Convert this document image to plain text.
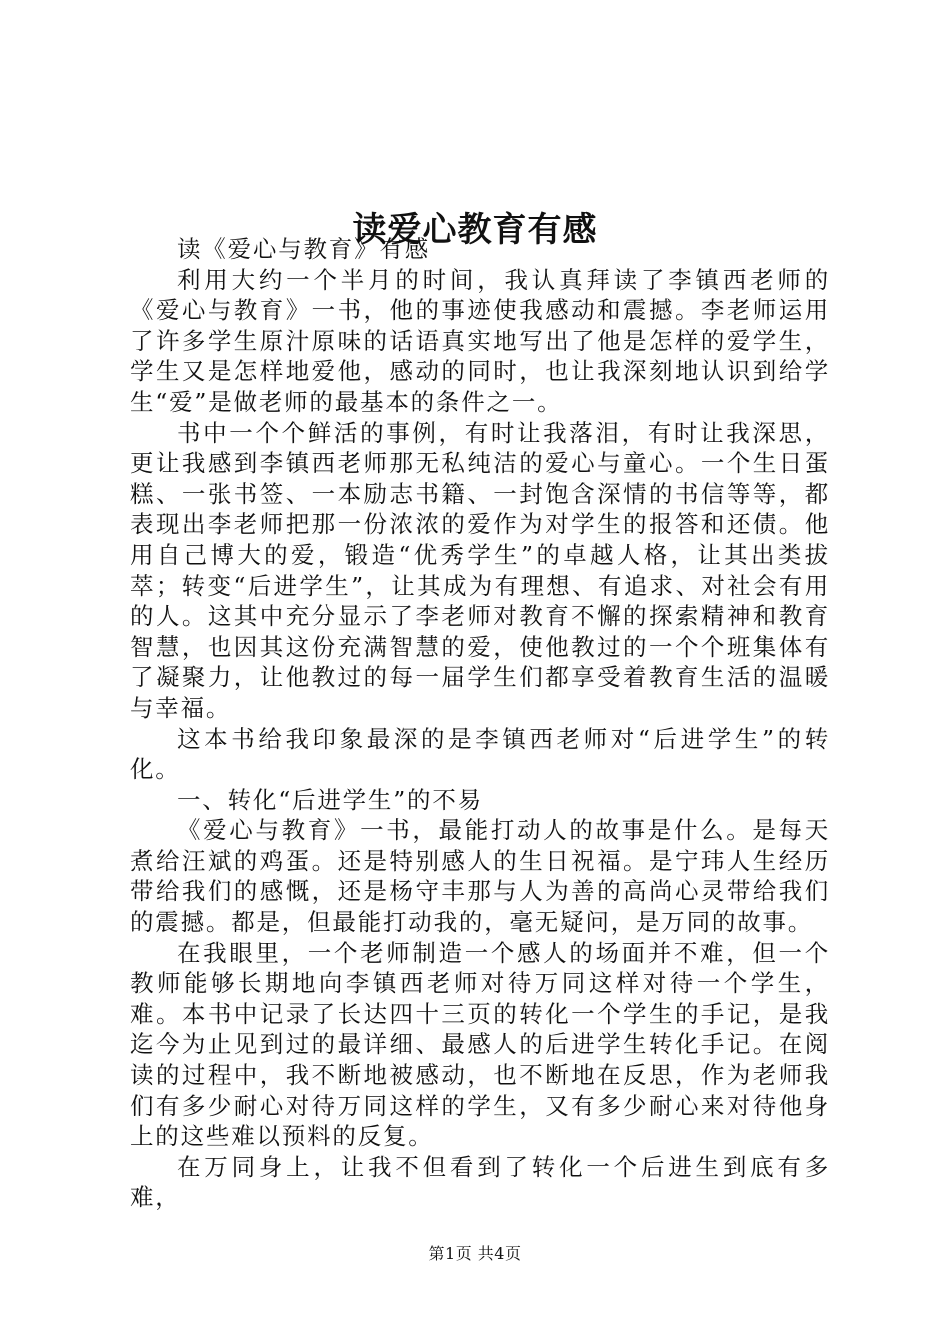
读爱心教育有感

读《爱心与教育》有感

利用大约一个半月的时间，我认真拜读了李镇西老师的《爱心与教育》一书，他的事迹使我感动和震撼。李老师运用了许多学生原汁原味的话语真实地写出了他是怎样的爱学生，学生又是怎样地爱他，感动的同时，也让我深刻地认识到给学生“爱”是做老师的最基本的条件之一。

书中一个个鲜活的事例，有时让我落泪，有时让我深思，更让我感到李镇西老师那无私纯洁的爱心与童心。一个生日蛋糕、一张书签、一本励志书籍、一封饱含深情的书信等等，都表现出李老师把那一份浓浓的爱作为对学生的报答和还债。他用自己博大的爱，锻造“优秀学生”的卓越人格，让其出类拔萃；转变“后进学生”，让其成为有理想、有追求、对社会有用的人。这其中充分显示了李老师对教育不懈的探索精神和教育智慧，也因其这份充满智慧的爱，使他教过的一个个班集体有了凝聚力，让他教过的每一届学生们都享受着教育生活的温暖与幸福。

这本书给我印象最深的是李镇西老师对“后进学生”的转化。

一、转化“后进学生”的不易

《爱心与教育》一书，最能打动人的故事是什么。是每天煮给汪斌的鸡蛋。还是特别感人的生日祝福。是宁玮人生经历带给我们的感慨，还是杨守丰那与人为善的高尚心灵带给我们的震撼。都是，但最能打动我的，毫无疑问，是万同的故事。

在我眼里，一个老师制造一个感人的场面并不难，但一个教师能够长期地向李镇西老师对待万同这样对待一个学生，难。本书中记录了长达四十三页的转化一个学生的手记，是我迄今为止见到过的最详细、最感人的后进学生转化手记。在阅读的过程中，我不断地被感动，也不断地在反思，作为老师我们有多少耐心对待万同这样的学生，又有多少耐心来对待他身上的这些难以预料的反复。

在万同身上，让我不但看到了转化一个后进生到底有多难，

第1页 共4页
